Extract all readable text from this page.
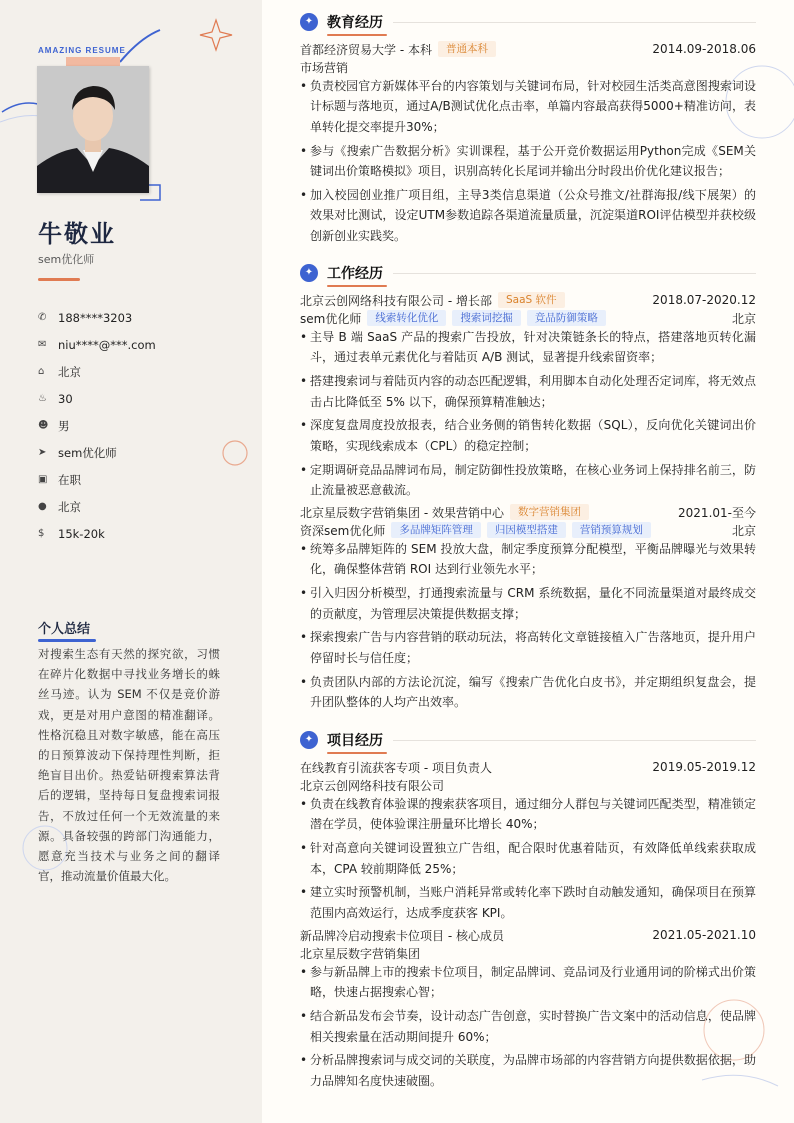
AMAZING RESUME
牛敬业
sem优化师
✆	188****3203
✉	niu****@***.com
⌂	北京
♨ 30
☻ 男
➤	sem优化师
▣ 在职
● 北京
$	15k-20k
个人总结
对搜索生态有天然的探究欲，习惯在碎片化数据中寻找业务增长的蛛丝马迹。认为 SEM 不仅是竞价游戏，更是对用户意图的精准翻译。性格沉稳且对数字敏感，能在高压的日预算波动下保持理性判断，拒绝盲目出价。热爱钻研搜索算法背后的逻辑，坚持每日复盘搜索词报告，不放过任何一个无效流量的来源。具备较强的跨部门沟通能力，愿意充当技术与业务之间的翻译官，推动流量价值最大化。
✦ 教育经历
首都经济贸易大学 - 本科	普通本科	2014.09-2018.06
市场营销
• 负责校园官方新媒体平台的内容策划与关键词布局，针对校园生活类高意图搜索词设计标题与落地页，通过A/B测试优化点击率，单篇内容最高获得5000+精准访问，表单转化提交率提升30%；
• 参与《搜索广告数据分析》实训课程，基于公开竞价数据运用Python完成《SEM关键词出价策略模拟》项目，识别高转化长尾词并输出分时段出价优化建议报告；
• 加入校园创业推广项目组，主导3类信息渠道（公众号推文/社群海报/线下展架）的效果对比测试，设定UTM参数追踪各渠道流量质量，沉淀渠道ROI评估模型并获校级创新创业实践奖。
✦ 工作经历
北京云创网络科技有限公司 - 增长部	SaaS 软件	2018.07-2020.12
sem优化师	线索转化优化	搜索词挖掘	竞品防御策略	北京
• 主导 B 端 SaaS 产品的搜索广告投放，针对决策链条长的特点，搭建落地页转化漏斗，通过表单元素优化与着陆页 A/B 测试，显著提升线索留资率；
• 搭建搜索词与着陆页内容的动态匹配逻辑，利用脚本自动化处理否定词库，将无效点击占比降低至 5% 以下，确保预算精准触达；
• 深度复盘周度投放报表，结合业务侧的销售转化数据（SQL），反向优化关键词出价策略，实现线索成本（CPL）的稳定控制；
• 定期调研竞品品牌词布局，制定防御性投放策略，在核心业务词上保持排名前三，防止流量被恶意截流。
北京星辰数字营销集团 - 效果营销中心	数字营销集团	2021.01-至今
资深sem优化师	多品牌矩阵管理	归因模型搭建	营销预算规划	北京
• 统筹多品牌矩阵的 SEM 投放大盘，制定季度预算分配模型，平衡品牌曝光与效果转化，确保整体营销 ROI 达到行业领先水平；
• 引入归因分析模型，打通搜索流量与 CRM 系统数据，量化不同流量渠道对最终成交的贡献度，为管理层决策提供数据支撑；
• 探索搜索广告与内容营销的联动玩法，将高转化文章链接植入广告落地页，提升用户停留时长与信任度；
• 负责团队内部的方法论沉淀，编写《搜索广告优化白皮书》，并定期组织复盘会，提升团队整体的人均产出效率。
✦ 项目经历
在线教育引流获客专项 - 项目负责人	2019.05-2019.12
北京云创网络科技有限公司
• 负责在线教育体验课的搜索获客项目，通过细分人群包与关键词匹配类型，精准锁定潜在学员，使体验课注册量环比增长 40%；
• 针对高意向关键词设置独立广告组，配合限时优惠着陆页，有效降低单线索获取成本，CPA 较前期降低 25%；
• 建立实时预警机制，当账户消耗异常或转化率下跌时自动触发通知，确保项目在预算范围内高效运行，达成季度获客 KPI。
新品牌冷启动搜索卡位项目 - 核心成员	2021.05-2021.10
北京星辰数字营销集团
• 参与新品牌上市的搜索卡位项目，制定品牌词、竞品词及行业通用词的阶梯式出价策略，快速占据搜索心智；
• 结合新品发布会节奏，设计动态广告创意，实时替换广告文案中的活动信息，使品牌相关搜索量在活动期间提升 60%；
• 分析品牌搜索词与成交词的关联度，为品牌市场部的内容营销方向提供数据依据，助力品牌知名度快速破圈。
